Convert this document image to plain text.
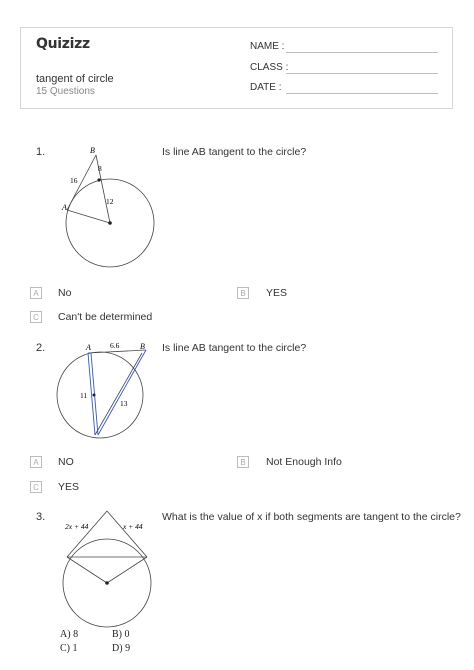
Quizizz
tangent of circle
15 Questions
NAME :
CLASS :
DATE :
1.	Is line AB tangent to the circle?
B
A
16
8
12
A	No	B	YES
C Can't be determined
2.	Is line AB tangent to the circle?
A	B
6.6
11
13
A	NO	B	Not Enough Info
C YES
3.	What is the value of x if both segments are tangent to the circle?
2x + 44	x + 44
A) 8	B) 0
C) 1	D) 9
